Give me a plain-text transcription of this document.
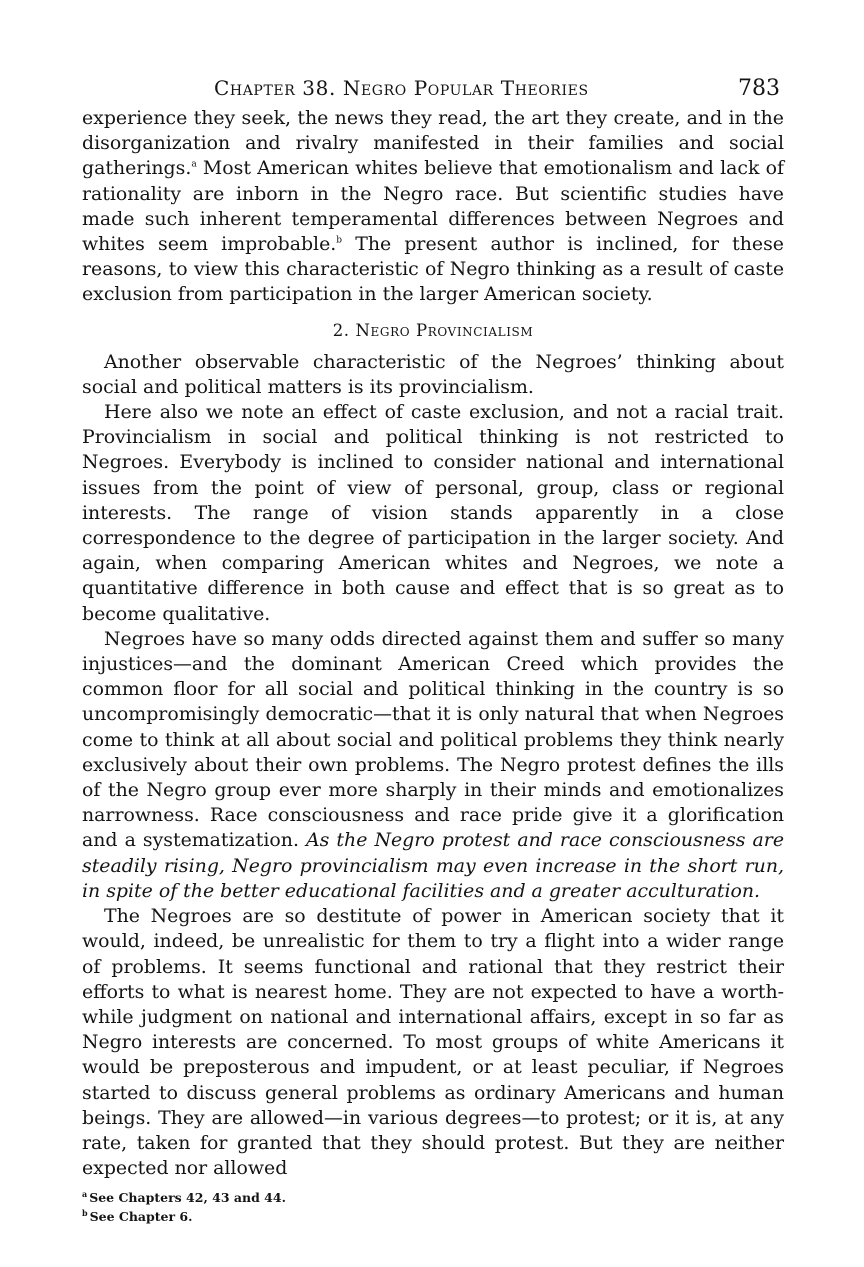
Chapter 38. Negro Popular Theories	783

experience they seek, the news they read, the art they create, and in the disorganization and rivalry manifested in their families and social gatherings.$^a$ Most American whites believe that emotionalism and lack of rationality are inborn in the Negro race. But scientific studies have made such inherent temperamental differences between Negroes and whites seem improbable.$^b$ The present author is inclined, for these reasons, to view this characteristic of Negro thinking as a result of caste exclusion from participation in the larger American society.

2. Negro Provincialism

Another observable characteristic of the Negroes’ thinking about social and political matters is its provincialism.

Here also we note an effect of caste exclusion, and not a racial trait. Provincialism in social and political thinking is not restricted to Negroes. Everybody is inclined to consider national and international issues from the point of view of personal, group, class or regional interests. The range of vision stands apparently in a close correspondence to the degree of participation in the larger society. And again, when comparing American whites and Negroes, we note a quantitative difference in both cause and effect that is so great as to become qualitative.

Negroes have so many odds directed against them and suffer so many injustices—and the dominant American Creed which provides the common floor for all social and political thinking in the country is so uncompromisingly democratic—that it is only natural that when Negroes come to think at all about social and political problems they think nearly exclusively about their own problems. The Negro protest defines the ills of the Negro group ever more sharply in their minds and emotionalizes narrowness. Race consciousness and race pride give it a glorification and a systematization. As the Negro protest and race consciousness are steadily rising, Negro provincialism may even increase in the short run, in spite of the better educational facilities and a greater acculturation.

The Negroes are so destitute of power in American society that it would, indeed, be unrealistic for them to try a flight into a wider range of problems. It seems functional and rational that they restrict their efforts to what is nearest home. They are not expected to have a worth-while judgment on national and international affairs, except in so far as Negro interests are concerned. To most groups of white Americans it would be preposterous and impudent, or at least peculiar, if Negroes started to discuss general problems as ordinary Americans and human beings. They are allowed—in various degrees—to protest; or it is, at any rate, taken for granted that they should protest. But they are neither expected nor allowed

$^a$ See Chapters 42, 43 and 44.
$^b$ See Chapter 6.
